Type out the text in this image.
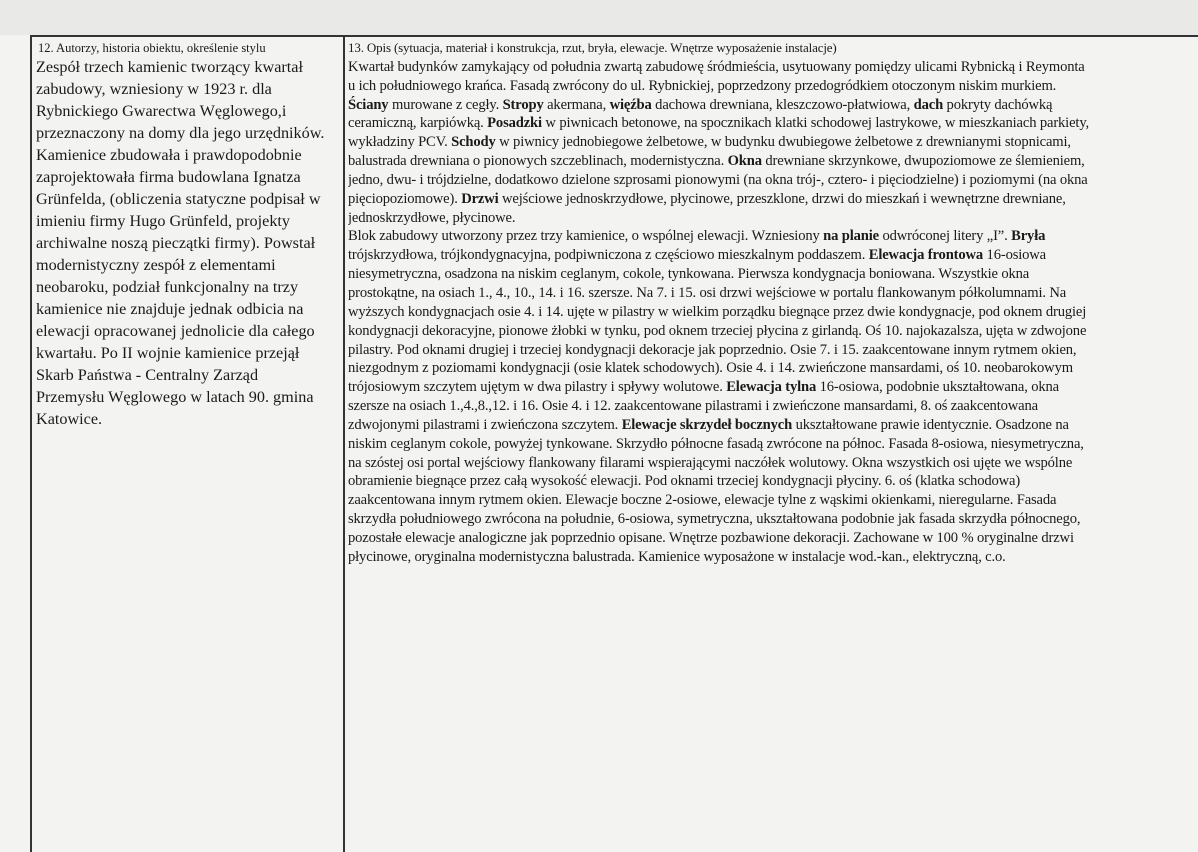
12. Autorzy, historia obiektu, określenie stylu
Zespół trzech kamienic tworzący kwartał
zabudowy, wzniesiony w 1923 r. dla
Rybnickiego Gwarectwa Węglowego,i
przeznaczony na domy dla jego urzędników.
Kamienice zbudowała i prawdopodobnie
zaprojektowała firma budowlana Ignatza
Grünfelda, (obliczenia statyczne podpisał w
imieniu firmy Hugo Grünfeld, projekty
archiwalne noszą pieczątki firmy). Powstał
modernistyczny zespół z elementami
neobaroku, podział funkcjonalny na trzy
kamienice nie znajduje jednak odbicia na
elewacji opracowanej jednolicie dla całego
kwartału. Po II wojnie kamienice przejął
Skarb Państwa - Centralny Zarząd
Przemysłu Węglowego w latach 90. gmina
Katowice.
13. Opis (sytuacja, materiał i konstrukcja, rzut, bryła, elewacje. Wnętrze wyposażenie instalacje)
Kwartał budynków zamykający od południa zwartą zabudowę śródmieścia, usytuowany pomiędzy ulicami Rybnicką i Reymonta
u ich południowego krańca. Fasadą zwrócony do ul. Rybnickiej, poprzedzony przedogródkiem otoczonym niskim murkiem.
Ściany murowane z cegły. Stropy akermana, więźba dachowa drewniana, kleszczowo-płatwiowa, dach pokryty dachówką
ceramiczną, karpiówką. Posadzki w piwnicach betonowe, na spocznikach klatki schodowej lastrykowe, w mieszkaniach parkiety,
wykładziny PCV. Schody w piwnicy jednobiegowe żelbetowe, w budynku dwubiegowe żelbetowe z drewnianymi stopnicami,
balustrada drewniana o pionowych szczeblinach, modernistyczna. Okna drewniane skrzynkowe, dwupoziomowe ze ślemieniem,
jedno, dwu- i trójdzielne, dodatkowo dzielone szprosami pionowymi (na okna trój-, cztero- i pięciodzielne) i poziomymi (na okna
pięciopoziomowe). Drzwi wejściowe jednoskrzydłowe, płycinowe, przeszklone, drzwi do mieszkań i wewnętrzne drewniane,
jednoskrzydłowe, płycinowe.
Blok zabudowy utworzony przez trzy kamienice, o wspólnej elewacji. Wzniesiony na planie odwróconej litery „I”. Bryła
trójskrzydłowa, trójkondygnacyjna, podpiwniczona z częściowo mieszkalnym poddaszem. Elewacja frontowa 16-osiowa
niesymetryczna, osadzona na niskim ceglanym, cokole, tynkowana. Pierwsza kondygnacja boniowana. Wszystkie okna
prostokątne, na osiach 1., 4., 10., 14. i 16. szersze. Na 7. i 15. osi drzwi wejściowe w portalu flankowanym półkolumnami. Na
wyższych kondygnacjach osie 4. i 14. ujęte w pilastry w wielkim porządku biegnące przez dwie kondygnacje, pod oknem drugiej
kondygnacji dekoracyjne, pionowe żłobki w tynku, pod oknem trzeciej płycina z girlandą. Oś 10. najokazalsza, ujęta w zdwojone
pilastry. Pod oknami drugiej i trzeciej kondygnacji dekoracje jak poprzednio. Osie 7. i 15. zaakcentowane innym rytmem okien,
niezgodnym z poziomami kondygnacji (osie klatek schodowych). Osie 4. i 14. zwieńczone mansardami, oś 10. neobarokowym
trójosiowym szczytem ujętym w dwa pilastry i spływy wolutowe. Elewacja tylna 16-osiowa, podobnie ukształtowana, okna
szersze na osiach 1.,4.,8.,12. i 16. Osie 4. i 12. zaakcentowane pilastrami i zwieńczone mansardami, 8. oś zaakcentowana
zdwojonymi pilastrami i zwieńczona szczytem. Elewacje skrzydeł bocznych ukształtowane prawie identycznie. Osadzone na
niskim ceglanym cokole, powyżej tynkowane. Skrzydło północne fasadą zwrócone na północ. Fasada 8-osiowa, niesymetryczna,
na szóstej osi portal wejściowy flankowany filarami wspierającymi naczółek wolutowy. Okna wszystkich osi ujęte we wspólne
obramienie biegnące przez całą wysokość elewacji. Pod oknami trzeciej kondygnacji płyciny. 6. oś (klatka schodowa)
zaakcentowana innym rytmem okien. Elewacje boczne 2-osiowe, elewacje tylne z wąskimi okienkami, nieregularne. Fasada
skrzydła południowego zwrócona na południe, 6-osiowa, symetryczna, ukształtowana podobnie jak fasada skrzydła północnego,
pozostałe elewacje analogiczne jak poprzednio opisane. Wnętrze pozbawione dekoracji. Zachowane w 100 % oryginalne drzwi
płycinowe, oryginalna modernistyczna balustrada. Kamienice wyposażone w instalacje wod.-kan., elektryczną, c.o.
